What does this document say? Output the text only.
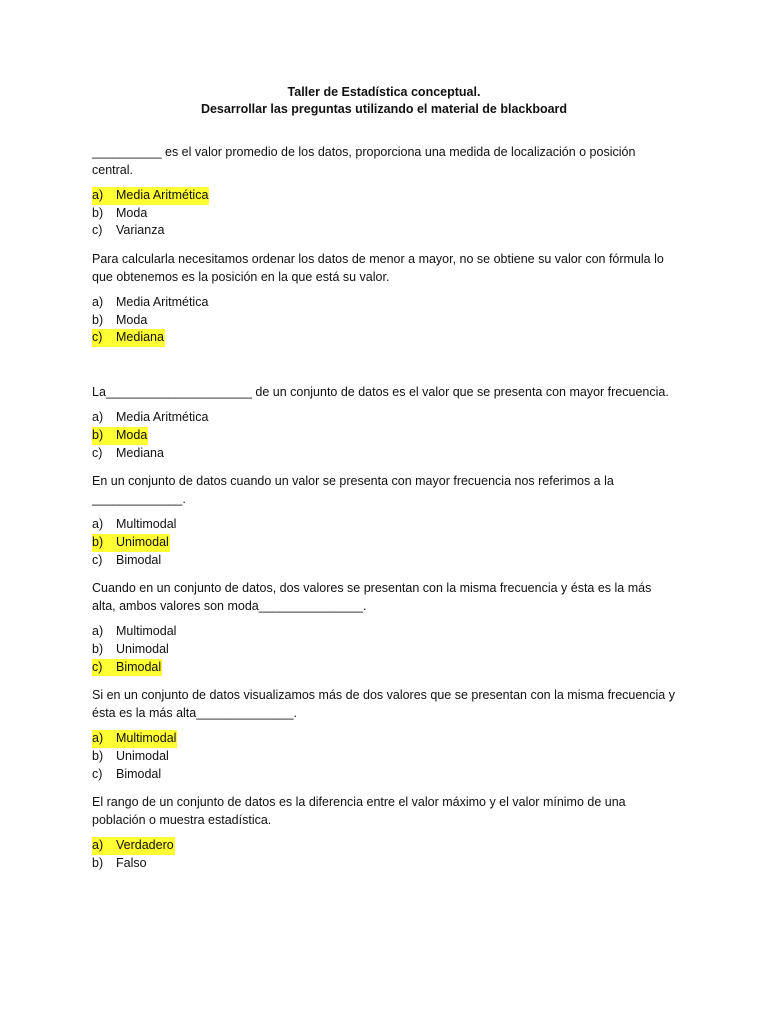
Taller de Estadística conceptual.
Desarrollar las preguntas utilizando el material de blackboard

__________ es el valor promedio de los datos, proporciona una medida de localización o posición central.

a) Media Aritmética
b) Moda
c) Varianza

Para calcularla necesitamos ordenar los datos de menor a mayor, no se obtiene su valor con fórmula lo que obtenemos es la posición en la que está su valor.

a) Media Aritmética
b) Moda
c) Mediana

La_____________________ de un conjunto de datos es el valor que se presenta con mayor frecuencia.

a) Media Aritmética
b) Moda
c) Mediana

En un conjunto de datos cuando un valor se presenta con mayor frecuencia nos referimos a la _____________.

a) Multimodal
b) Unimodal
c) Bimodal

Cuando en un conjunto de datos, dos valores se presentan con la misma frecuencia y ésta es la más alta, ambos valores son moda_______________.

a) Multimodal
b) Unimodal
c) Bimodal

Si en un conjunto de datos visualizamos más de dos valores que se presentan con la misma frecuencia y ésta es la más alta______________.

a) Multimodal
b) Unimodal
c) Bimodal

El rango de un conjunto de datos es la diferencia entre el valor máximo y el valor mínimo de una población o muestra estadística.

a) Verdadero
b) Falso
